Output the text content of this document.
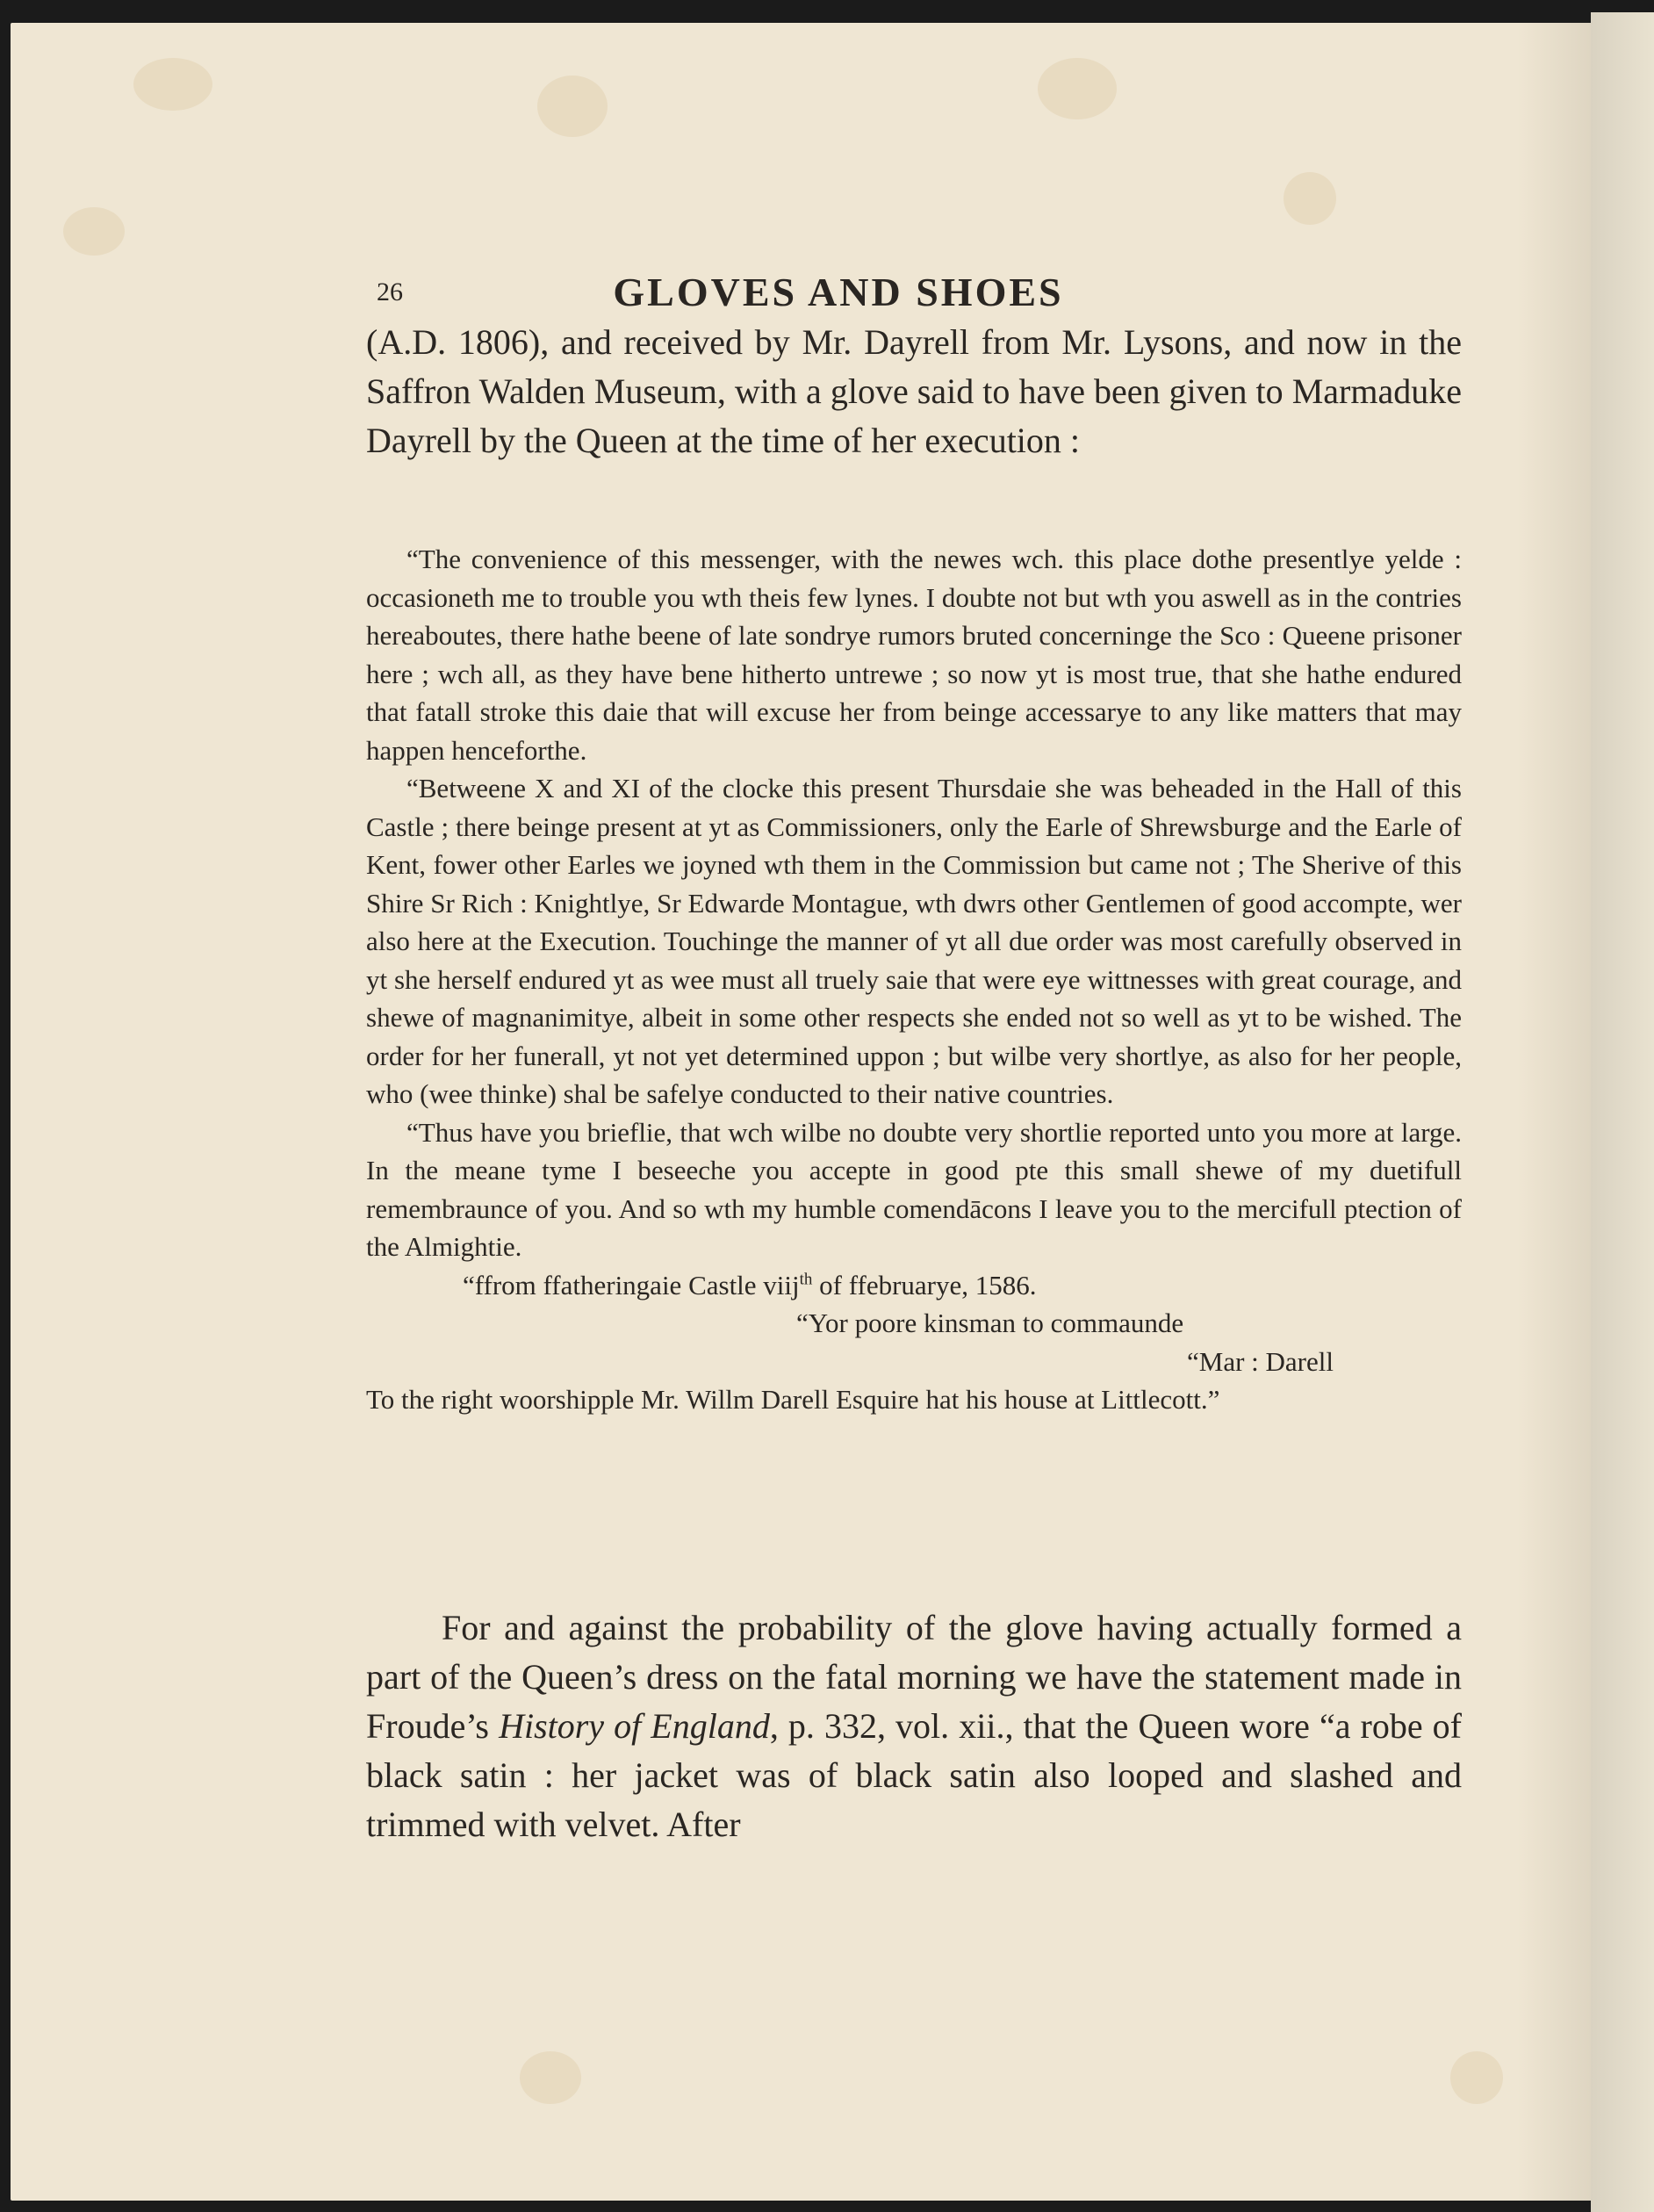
26	GLOVES AND SHOES

(A.D. 1806), and received by Mr. Dayrell from Mr. Lysons, and now in the Saffron Walden Museum, with a glove said to have been given to Marmaduke Dayrell by the Queen at the time of her execution :

“The convenience of this messenger, with the newes wch. this place dothe presentlye yelde : occasioneth me to trouble you wth theis few lynes. I doubte not but wth you aswell as in the contries hereaboutes, there hathe beene of late sondrye rumors bruted concerninge the Sco : Queene prisoner here ; wch all, as they have bene hitherto untrewe ; so now yt is most true, that she hathe endured that fatall stroke this daie that will excuse her from beinge accessarye to any like matters that may happen henceforthe.

“Betweene X and XI of the clocke this present Thursdaie she was beheaded in the Hall of this Castle ; there beinge present at yt as Commissioners, only the Earle of Shrewsburge and the Earle of Kent, fower other Earles we joyned wth them in the Commission but came not ; The Sherive of this Shire Sr Rich : Knightlye, Sr Edwarde Montague, wth dwrs other Gentlemen of good accompte, wer also here at the Execution. Touchinge the manner of yt all due order was most carefully observed in yt she herself endured yt as wee must all truely saie that were eye wittnesses with great courage, and shewe of magnanimitye, albeit in some other respects she ended not so well as yt to be wished. The order for her funerall, yt not yet determined uppon ; but wilbe very shortlye, as also for her people, who (wee thinke) shal be safelye conducted to their native countries.

“Thus have you brieflie, that wch wilbe no doubte very shortlie reported unto you more at large. In the meane tyme I beseeche you accepte in good pte this small shewe of my duetifull remembraunce of you. And so wth my humble comendācons I leave you to the mercifull ptection of the Almightie.

“ffrom ffatheringaie Castle viij$^{th}$ of ffebruarye, 1586.

“Yor poore kinsman to commaunde

“Mar : Darell

To the right woorshipple Mr. Willm Darell Esquire hat his house at Littlecott.”

For and against the probability of the glove having actually formed a part of the Queen’s dress on the fatal morning we have the statement made in Froude’s History of England, p. 332, vol. xii., that the Queen wore “a robe of black satin : her jacket was of black satin also looped and slashed and trimmed with velvet. After
